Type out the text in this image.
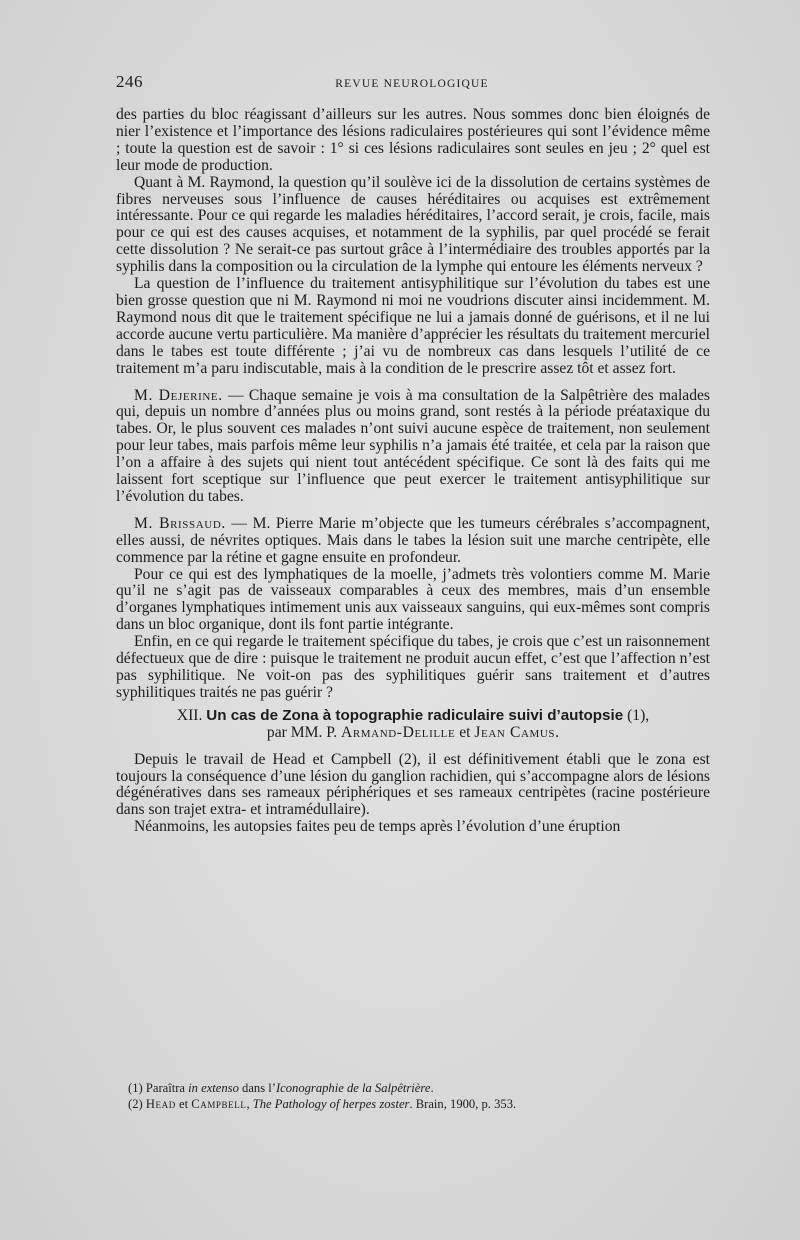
246	REVUE NEUROLOGIQUE

des parties du bloc réagissant d’ailleurs sur les autres. Nous sommes donc bien éloignés de nier l’existence et l’importance des lésions radiculaires postérieures qui sont l’évidence même ; toute la question est de savoir : 1° si ces lésions radiculaires sont seules en jeu ; 2° quel est leur mode de production.

Quant à M. Raymond, la question qu’il soulève ici de la dissolution de certains systèmes de fibres nerveuses sous l’influence de causes héréditaires ou acquises est extrêmement intéressante. Pour ce qui regarde les maladies héréditaires, l’accord serait, je crois, facile, mais pour ce qui est des causes acquises, et notamment de la syphilis, par quel procédé se ferait cette dissolution ? Ne serait-ce pas surtout grâce à l’intermédiaire des troubles apportés par la syphilis dans la composition ou la circulation de la lymphe qui entoure les éléments nerveux ?

La question de l’influence du traitement antisyphilitique sur l’évolution du tabes est une bien grosse question que ni M. Raymond ni moi ne voudrions discuter ainsi incidemment. M. Raymond nous dit que le traitement spécifique ne lui a jamais donné de guérisons, et il ne lui accorde aucune vertu particulière. Ma manière d’apprécier les résultats du traitement mercuriel dans le tabes est toute différente ; j’ai vu de nombreux cas dans lesquels l’utilité de ce traitement m’a paru indiscutable, mais à la condition de le prescrire assez tôt et assez fort.

M. Dejerine. — Chaque semaine je vois à ma consultation de la Salpêtrière des malades qui, depuis un nombre d’années plus ou moins grand, sont restés à la période préataxique du tabes. Or, le plus souvent ces malades n’ont suivi aucune espèce de traitement, non seulement pour leur tabes, mais parfois même leur syphilis n’a jamais été traitée, et cela par la raison que l’on a affaire à des sujets qui nient tout antécédent spécifique. Ce sont là des faits qui me laissent fort sceptique sur l’influence que peut exercer le traitement antisyphilitique sur l’évolution du tabes.

M. Brissaud. — M. Pierre Marie m’objecte que les tumeurs cérébrales s’accompagnent, elles aussi, de névrites optiques. Mais dans le tabes la lésion suit une marche centripète, elle commence par la rétine et gagne ensuite en profondeur.

Pour ce qui est des lymphatiques de la moelle, j’admets très volontiers comme M. Marie qu’il ne s’agit pas de vaisseaux comparables à ceux des membres, mais d’un ensemble d’organes lymphatiques intimement unis aux vaisseaux sanguins, qui eux-mêmes sont compris dans un bloc organique, dont ils font partie intégrante.

Enfin, en ce qui regarde le traitement spécifique du tabes, je crois que c’est un raisonnement défectueux que de dire : puisque le traitement ne produit aucun effet, c’est que l’affection n’est pas syphilitique. Ne voit-on pas des syphilitiques guérir sans traitement et d’autres syphilitiques traités ne pas guérir ?

XII. Un cas de Zona à topographie radiculaire suivi d’autopsie (1),
par MM. P. Armand-Delille et Jean Camus.

Depuis le travail de Head et Campbell (2), il est définitivement établi que le zona est toujours la conséquence d’une lésion du ganglion rachidien, qui s’accompagne alors de lésions dégénératives dans ses rameaux périphériques et ses rameaux centripètes (racine postérieure dans son trajet extra- et intramédullaire).

Néanmoins, les autopsies faites peu de temps après l’évolution d’une éruption

(1) Paraîtra in extenso dans l’Iconographie de la Salpêtrière.

(2) Head et Campbell, The Pathology of herpes zoster. Brain, 1900, p. 353.
